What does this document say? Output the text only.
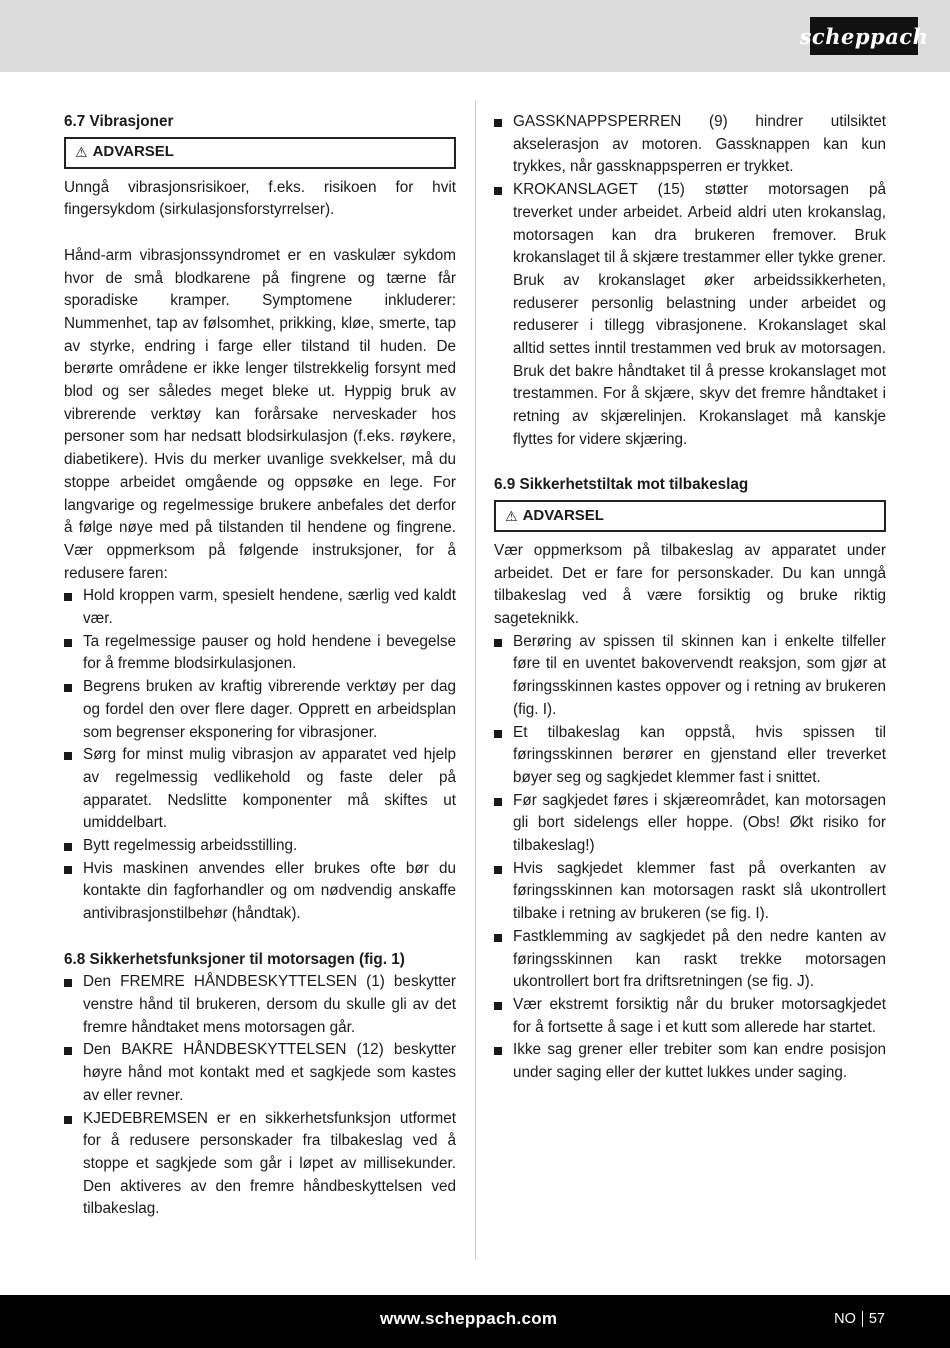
scheppach
6.7 Vibrasjoner
⚠ ADVARSEL

Unngå vibrasjonsrisikoer, f.eks. risikoen for hvit fingersykdom (sirkulasjonsforstyrrelser).

Hånd-arm vibrasjonssyndromet er en vaskulær sykdom hvor de små blodkarene på fingrene og tærne får sporadiske kramper. Symptomene inkluderer: Nummenhet, tap av følsomhet, prikking, kløe, smerte, tap av styrke, endring i farge eller tilstand til huden. De berørte områdene er ikke lenger tilstrekkelig forsynt med blod og ser således meget bleke ut. Hyppig bruk av vibrerende verktøy kan forårsake nerveskader hos personer som har nedsatt blodsirkulasjon (f.eks. røykere, diabetikere). Hvis du merker uvanlige svekkelser, må du stoppe arbeidet omgående og oppsøke en lege. For langvarige og regelmessige brukere anbefales det derfor å følge nøye med på tilstanden til hendene og fingrene. Vær oppmerksom på følgende instruksjoner, for å redusere faren:

Hold kroppen varm, spesielt hendene, særlig ved kaldt vær.
Ta regelmessige pauser og hold hendene i bevegelse for å fremme blodsirkulasjonen.
Begrens bruken av kraftig vibrerende verktøy per dag og fordel den over flere dager. Opprett en arbeidsplan som begrenser eksponering for vibrasjoner.
Sørg for minst mulig vibrasjon av apparatet ved hjelp av regelmessig vedlikehold og faste deler på apparatet. Nedslitte komponenter må skiftes ut umiddelbart.
Bytt regelmessig arbeidsstilling.
Hvis maskinen anvendes eller brukes ofte bør du kontakte din fagforhandler og om nødvendig anskaffe antivibrasjonstilbehør (håndtak).
6.8 Sikkerhetsfunksjoner til motorsagen (fig. 1)
Den FREMRE HÅNDBESKYTTELSEN (1) beskytter venstre hånd til brukeren, dersom du skulle gli av det fremre håndtaket mens motorsagen går.
Den BAKRE HÅNDBESKYTTELSEN (12) beskytter høyre hånd mot kontakt med et sagkjede som kastes av eller revner.
KJEDEBREMSEN er en sikkerhetsfunksjon utformet for å redusere personskader fra tilbakeslag ved å stoppe et sagkjede som går i løpet av millisekunder. Den aktiveres av den fremre håndbeskyttelsen ved tilbakeslag.
GASSKNAPPSPERREN (9) hindrer utilsiktet akselerasjon av motoren. Gassknappen kan kun trykkes, når gassknappsperren er trykket.
KROKANSLAGET (15) støtter motorsagen på treverket under arbeidet. Arbeid aldri uten krokanslag, motorsagen kan dra brukeren fremover. Bruk krokanslaget til å skjære trestammer eller tykke grener. Bruk av krokanslaget øker arbeidssikkerheten, reduserer personlig belastning under arbeidet og reduserer i tillegg vibrasjonene. Krokanslaget skal alltid settes inntil trestammen ved bruk av motorsagen. Bruk det bakre håndtaket til å presse krokanslaget mot trestammen. For å skjære, skyv det fremre håndtaket i retning av skjærelinjen. Krokanslaget må kanskje flyttes for videre skjæring.
6.9 Sikkerhetstiltak mot tilbakeslag
⚠ ADVARSEL

Vær oppmerksom på tilbakeslag av apparatet under arbeidet. Det er fare for personskader. Du kan unngå tilbakeslag ved å være forsiktig og bruke riktig sageteknikk.

Berøring av spissen til skinnen kan i enkelte tilfeller føre til en uventet bakovervendt reaksjon, som gjør at føringsskinnen kastes oppover og i retning av brukeren (fig. I).
Et tilbakeslag kan oppstå, hvis spissen til føringsskinnen berører en gjenstand eller treverket bøyer seg og sagkjedet klemmer fast i snittet.
Før sagkjedet føres i skjæreområdet, kan motorsagen gli bort sidelengs eller hoppe. (Obs! Økt risiko for tilbakeslag!)
Hvis sagkjedet klemmer fast på overkanten av føringsskinnen kan motorsagen raskt slå ukontrollert tilbake i retning av brukeren (se fig. I).
Fastklemming av sagkjedet på den nedre kanten av føringsskinnen kan raskt trekke motorsagen ukontrollert bort fra driftsretningen (se fig. J).
Vær ekstremt forsiktig når du bruker motorsagkjedet for å fortsette å sage i et kutt som allerede har startet.
Ikke sag grener eller trebiter som kan endre posisjon under saging eller der kuttet lukkes under saging.
www.scheppach.com	NO 57
